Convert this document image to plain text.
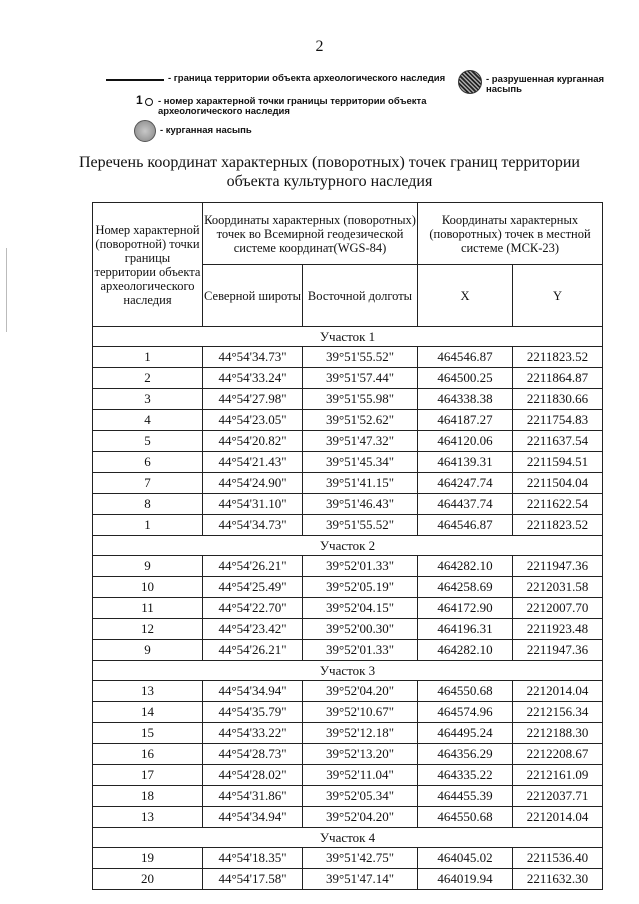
2
- граница территории объекта археологического наследия
1 - номер характерной точки границы территории объекта археологического наследия
- курганная насыпь
- разрушенная курганная насыпь
Перечень координат характерных (поворотных) точек границ территории объекта культурного наследия
Номер характерной (поворотной) точки границы территории объекта археологического наследия	Координаты характерных (поворотных) точек во Всемирной геодезической системе координат(WGS-84)		Координаты характерных (поворотных) точек в местной системе (МСК-23)	
	Северной широты	Восточной долготы	X	Y
Участок 1				
1	44°54'34.73"	39°51'55.52"	464546.87	2211823.52
2	44°54'33.24"	39°51'57.44"	464500.25	2211864.87
3	44°54'27.98"	39°51'55.98"	464338.38	2211830.66
4	44°54'23.05"	39°51'52.62"	464187.27	2211754.83
5	44°54'20.82"	39°51'47.32"	464120.06	2211637.54
6	44°54'21.43"	39°51'45.34"	464139.31	2211594.51
7	44°54'24.90"	39°51'41.15"	464247.74	2211504.04
8	44°54'31.10"	39°51'46.43"	464437.74	2211622.54
1	44°54'34.73"	39°51'55.52"	464546.87	2211823.52
Участок 2				
9	44°54'26.21"	39°52'01.33"	464282.10	2211947.36
10	44°54'25.49"	39°52'05.19"	464258.69	2212031.58
11	44°54'22.70"	39°52'04.15"	464172.90	2212007.70
12	44°54'23.42"	39°52'00.30"	464196.31	2211923.48
9	44°54'26.21"	39°52'01.33"	464282.10	2211947.36
Участок 3				
13	44°54'34.94"	39°52'04.20"	464550.68	2212014.04
14	44°54'35.79"	39°52'10.67"	464574.96	2212156.34
15	44°54'33.22"	39°52'12.18"	464495.24	2212188.30
16	44°54'28.73"	39°52'13.20"	464356.29	2212208.67
17	44°54'28.02"	39°52'11.04"	464335.22	2212161.09
18	44°54'31.86"	39°52'05.34"	464455.39	2212037.71
13	44°54'34.94"	39°52'04.20"	464550.68	2212014.04
Участок 4				
19	44°54'18.35"	39°51'42.75"	464045.02	2211536.40
20	44°54'17.58"	39°51'47.14"	464019.94	2211632.30
